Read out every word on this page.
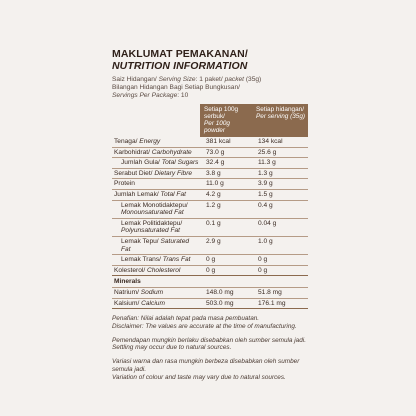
MAKLUMAT PEMAKANAN/
NUTRITION INFORMATION
Saiz Hidangan/ Serving Size: 1 paket/ packet (35g)
Bilangan Hidangan Bagi Setiap Bungkusan/
Servings Per Package: 10
	Setiap 100g serbuk/
Per 100g powder	Setiap hidangan/
Per serving (35g)
Tenaga/ Energy	381 kcal	134 kcal
Karbohidrat/ Carbohydrate	73.0 g	25.6 g
Jumlah Gula/ Total Sugars	32.4 g	11.3 g
Serabut Diet/ Dietary Fibre	3.8 g	1.3 g
Protein	11.0 g	3.9 g
Jumlah Lemak/ Total Fat	4.2 g	1.5 g
Lemak Monotidaktepu/
Monounsaturated Fat	1.2 g	0.4 g
Lemak Politidaktepu/
Polyunsaturated Fat	0.1 g	0.04 g
Lemak Tepu/ Saturated Fat	2.9 g	1.0 g
Lemak Trans/ Trans Fat	0 g	0 g
Kolesterol/ Cholesterol	0 g	0 g
Minerals		
Natrium/ Sodium	148.0 mg	51.8 mg
Kalsium/ Calcium	503.0 mg	176.1 mg
Penafian: Nilai adalah tepat pada masa pembuatan.
Disclaimer: The values are accurate at the time of manufacturing.
Pemendapan mungkin berlaku disebabkan oleh sumber semula jadi.
Settling may occur due to natural sources.
Variasi warna dan rasa mungkin berbeza disebabkan oleh sumber semula jadi.
Variation of colour and taste may vary due to natural sources.
